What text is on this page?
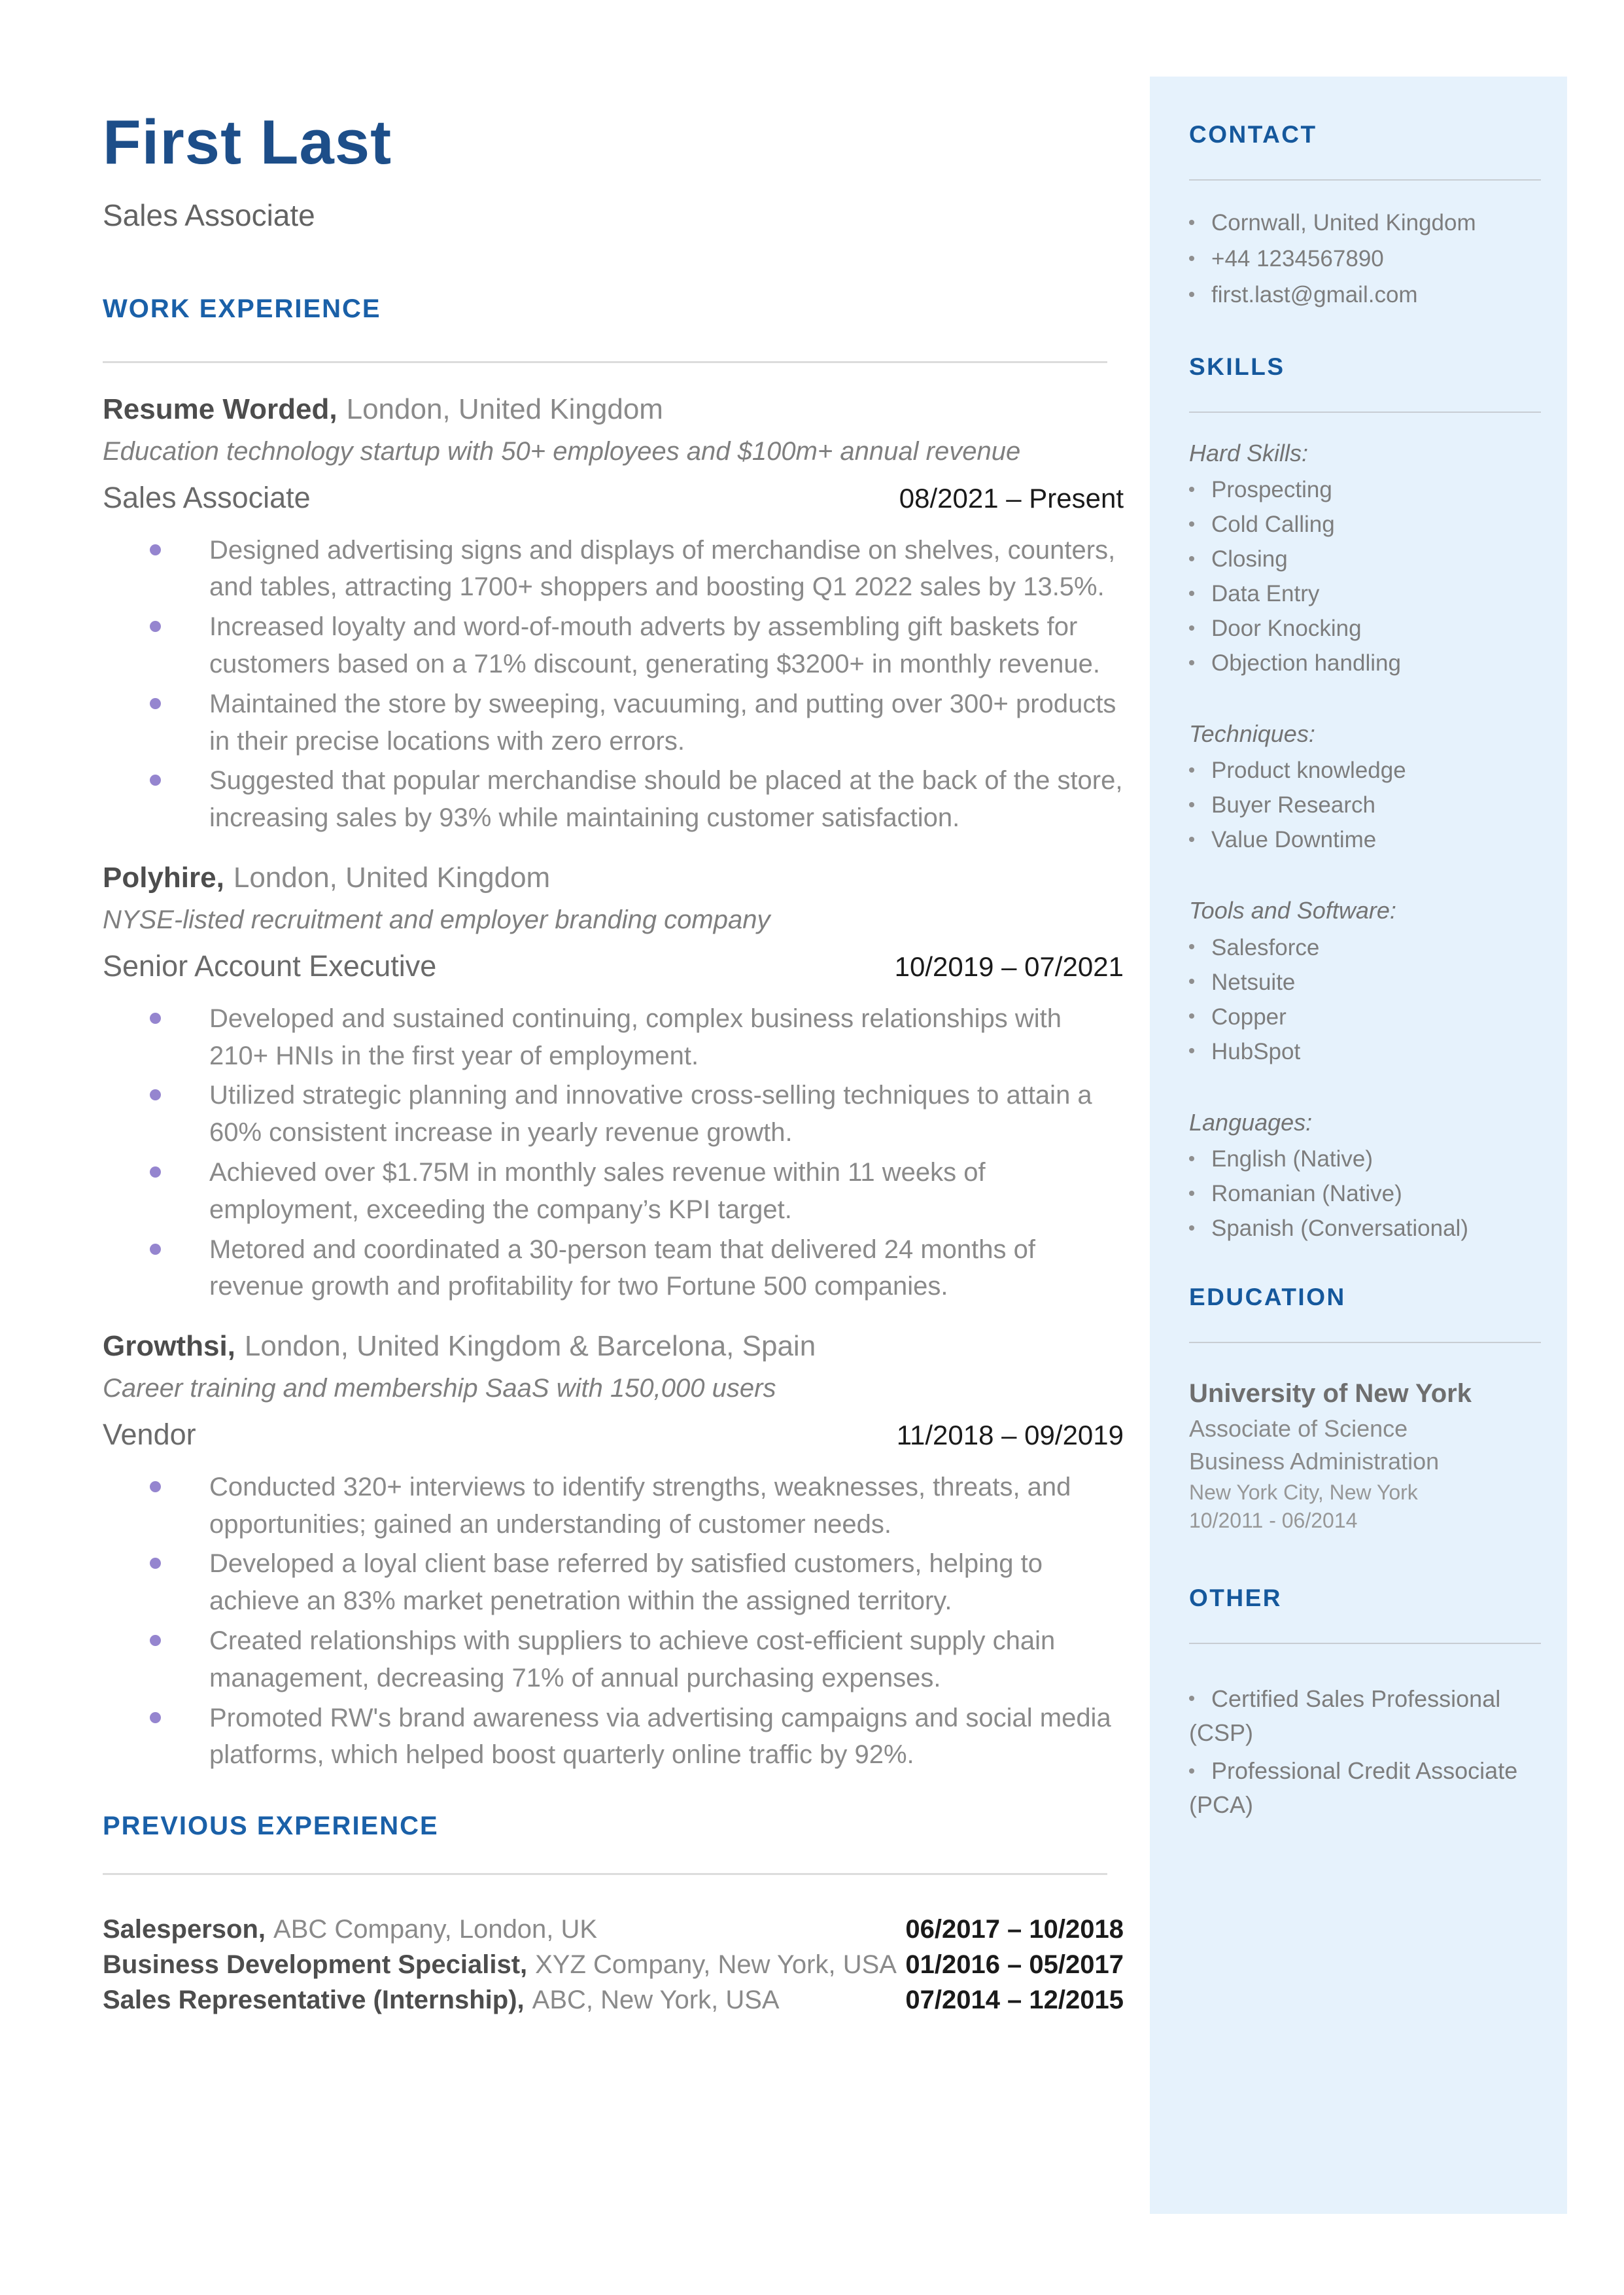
First Last
Sales Associate
WORK EXPERIENCE
Resume Worded, London, United Kingdom
Education technology startup with 50+ employees and $100m+ annual revenue
Sales Associate	08/2021 – Present
Designed advertising signs and displays of merchandise on shelves, counters, and tables, attracting 1700+ shoppers and boosting Q1 2022 sales by 13.5%.
Increased loyalty and word-of-mouth adverts by assembling gift baskets for customers based on a 71% discount, generating $3200+ in monthly revenue.
Maintained the store by sweeping, vacuuming, and putting over 300+ products in their precise locations with zero errors.
Suggested that popular merchandise should be placed at the back of the store, increasing sales by 93% while maintaining customer satisfaction.
Polyhire, London, United Kingdom
NYSE-listed recruitment and employer branding company
Senior Account Executive	10/2019 – 07/2021
Developed and sustained continuing, complex business relationships with 210+ HNIs in the first year of employment.
Utilized strategic planning and innovative cross-selling techniques to attain a 60% consistent increase in yearly revenue growth.
Achieved over $1.75M in monthly sales revenue within 11 weeks of employment, exceeding the company’s KPI target.
Metored and coordinated a 30-person team that delivered 24 months of revenue growth and profitability for two Fortune 500 companies.
Growthsi, London, United Kingdom & Barcelona, Spain
Career training and membership SaaS with 150,000 users
Vendor	11/2018 – 09/2019
Conducted 320+ interviews to identify strengths, weaknesses, threats, and opportunities; gained an understanding of customer needs.
Developed a loyal client base referred by satisfied customers, helping to achieve an 83% market penetration within the assigned territory.
Created relationships with suppliers to achieve cost-efficient supply chain management, decreasing 71% of annual purchasing expenses.
Promoted RW's brand awareness via advertising campaigns and social media platforms, which helped boost quarterly online traffic by 92%.
PREVIOUS EXPERIENCE
Salesperson, ABC Company, London, UK	06/2017 – 10/2018
Business Development Specialist, XYZ Company, New York, USA 01/2016 – 05/2017
Sales Representative (Internship), ABC, New York, USA	07/2014 – 12/2015
CONTACT
Cornwall, United Kingdom
+44 1234567890
first.last@gmail.com
SKILLS
Hard Skills:
Prospecting
Cold Calling
Closing
Data Entry
Door Knocking
Objection handling
Techniques:
Product knowledge
Buyer Research
Value Downtime
Tools and Software:
Salesforce
Netsuite
Copper
HubSpot
Languages:
English (Native)
Romanian (Native)
Spanish (Conversational)
EDUCATION
University of New York
Associate of Science
Business Administration
New York City, New York
10/2011 - 06/2014
OTHER
Certified Sales Professional (CSP)
Professional Credit Associate (PCA)
